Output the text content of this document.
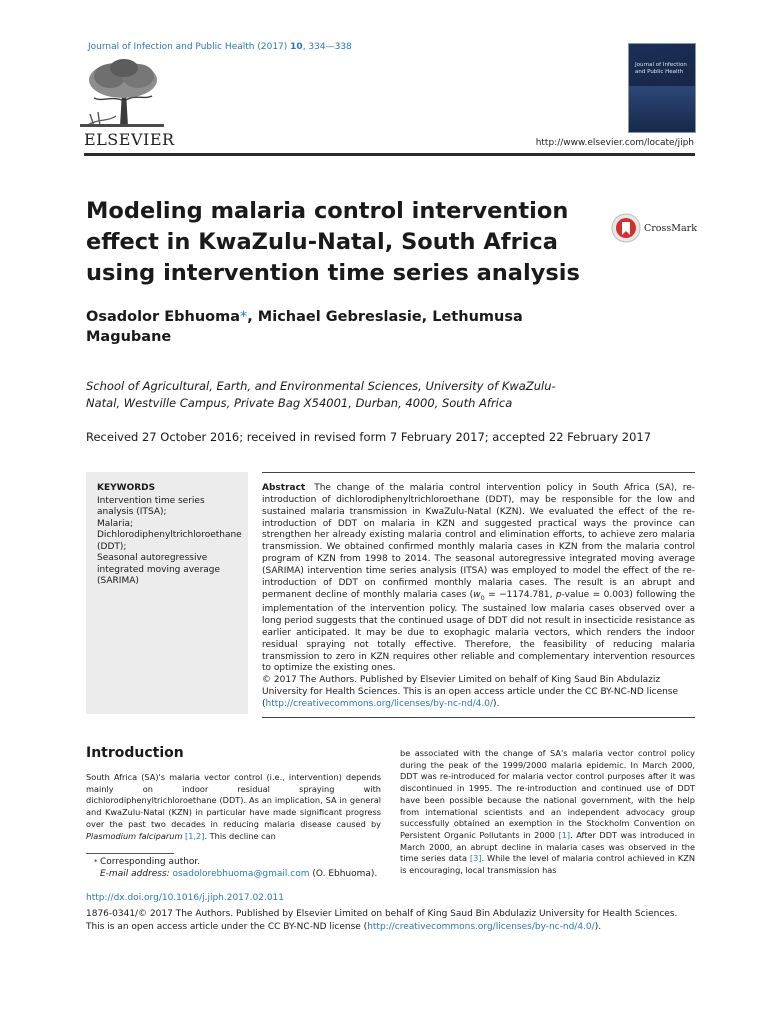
Journal of Infection and Public Health (2017) 10, 334—338
ELSEVIER
Journal of Infection and Public Health
http://www.elsevier.com/locate/jiph
Modeling malaria control intervention effect in KwaZulu-Natal, South Africa using intervention time series analysis
CrossMark
Osadolor Ebhuoma*, Michael Gebreslasie, Lethumusa Magubane
School of Agricultural, Earth, and Environmental Sciences, University of KwaZulu-Natal, Westville Campus, Private Bag X54001, Durban, 4000, South Africa
Received 27 October 2016; received in revised form 7 February 2017; accepted 22 February 2017
KEYWORDS
Intervention time series analysis (ITSA);
Malaria;
Dichlorodiphenyltrichloroethane (DDT);
Seasonal autoregressive integrated moving average (SARIMA)
Abstract The change of the malaria control intervention policy in South Africa (SA), re-introduction of dichlorodiphenyltrichloroethane (DDT), may be responsible for the low and sustained malaria transmission in KwaZulu-Natal (KZN). We evaluated the effect of the re-introduction of DDT on malaria in KZN and suggested practical ways the province can strengthen her already existing malaria control and elimination efforts, to achieve zero malaria transmission. We obtained confirmed monthly malaria cases in KZN from the malaria control program of KZN from 1998 to 2014. The seasonal autoregressive integrated moving average (SARIMA) intervention time series analysis (ITSA) was employed to model the effect of the re-introduction of DDT on confirmed monthly malaria cases. The result is an abrupt and permanent decline of monthly malaria cases ($w_0 = -1174.781$, p-value = 0.003) following the implementation of the intervention policy. The sustained low malaria cases observed over a long period suggests that the continued usage of DDT did not result in insecticide resistance as earlier anticipated. It may be due to exophagic malaria vectors, which renders the indoor residual spraying not totally effective. Therefore, the feasibility of reducing malaria transmission to zero in KZN requires other reliable and complementary intervention resources to optimize the existing ones.
© 2017 The Authors. Published by Elsevier Limited on behalf of King Saud Bin Abdulaziz University for Health Sciences. This is an open access article under the CC BY-NC-ND license (http://creativecommons.org/licenses/by-nc-nd/4.0/).
Introduction
South Africa (SA)'s malaria vector control (i.e., intervention) depends mainly on indoor residual spraying with dichlorodiphenyltrichloroethane (DDT). As an implication, SA in general and KwaZulu-Natal (KZN) in particular have made significant progress over the past two decades in reducing malaria disease caused by Plasmodium falciparum [1,2]. This decline can
be associated with the change of SA's malaria vector control policy during the peak of the 1999/2000 malaria epidemic. In March 2000, DDT was re-introduced for malaria vector control purposes after it was discontinued in 1995. The re-introduction and continued use of DDT have been possible because the national government, with the help from international scientists and an independent advocacy group successfully obtained an exemption in the Stockholm Convention on Persistent Organic Pollutants in 2000 [1]. After DDT was introduced in March 2000, an abrupt decline in malaria cases was observed in the time series data [3]. While the level of malaria control achieved in KZN is encouraging, local transmission has
* Corresponding author.
E-mail address: osadolorebhuoma@gmail.com (O. Ebhuoma).
http://dx.doi.org/10.1016/j.jiph.2017.02.011
1876-0341/© 2017 The Authors. Published by Elsevier Limited on behalf of King Saud Bin Abdulaziz University for Health Sciences.
This is an open access article under the CC BY-NC-ND license (http://creativecommons.org/licenses/by-nc-nd/4.0/).
